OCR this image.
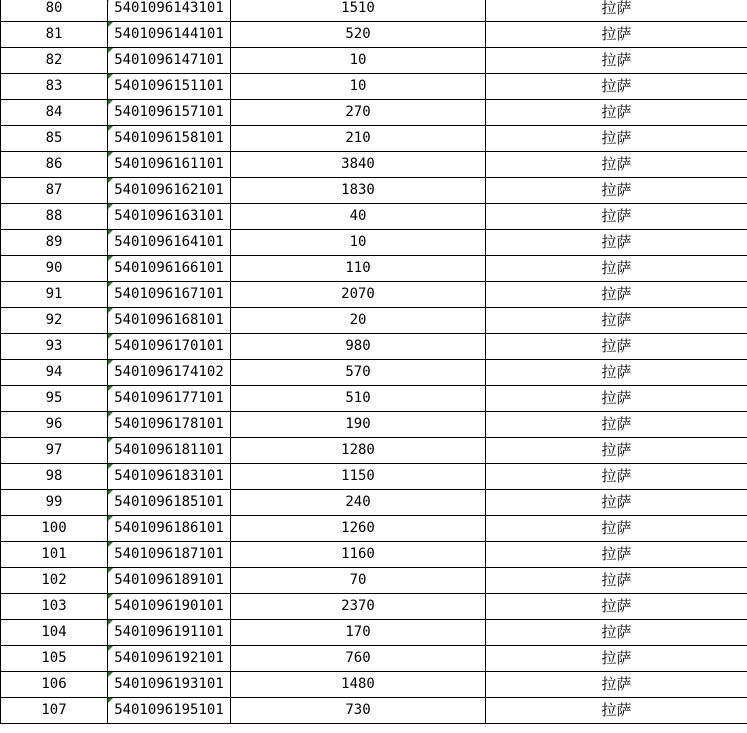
80	5401096143101	1510	拉萨
81	5401096144101	520	拉萨
82	5401096147101	10	拉萨
83	5401096151101	10	拉萨
84	5401096157101	270	拉萨
85	5401096158101	210	拉萨
86	5401096161101	3840	拉萨
87	5401096162101	1830	拉萨
88	5401096163101	40	拉萨
89	5401096164101	10	拉萨
90	5401096166101	110	拉萨
91	5401096167101	2070	拉萨
92	5401096168101	20	拉萨
93	5401096170101	980	拉萨
94	5401096174102	570	拉萨
95	5401096177101	510	拉萨
96	5401096178101	190	拉萨
97	5401096181101	1280	拉萨
98	5401096183101	1150	拉萨
99	5401096185101	240	拉萨
100	5401096186101	1260	拉萨
101	5401096187101	1160	拉萨
102	5401096189101	70	拉萨
103	5401096190101	2370	拉萨
104	5401096191101	170	拉萨
105	5401096192101	760	拉萨
106	5401096193101	1480	拉萨
107	5401096195101	730	拉萨
